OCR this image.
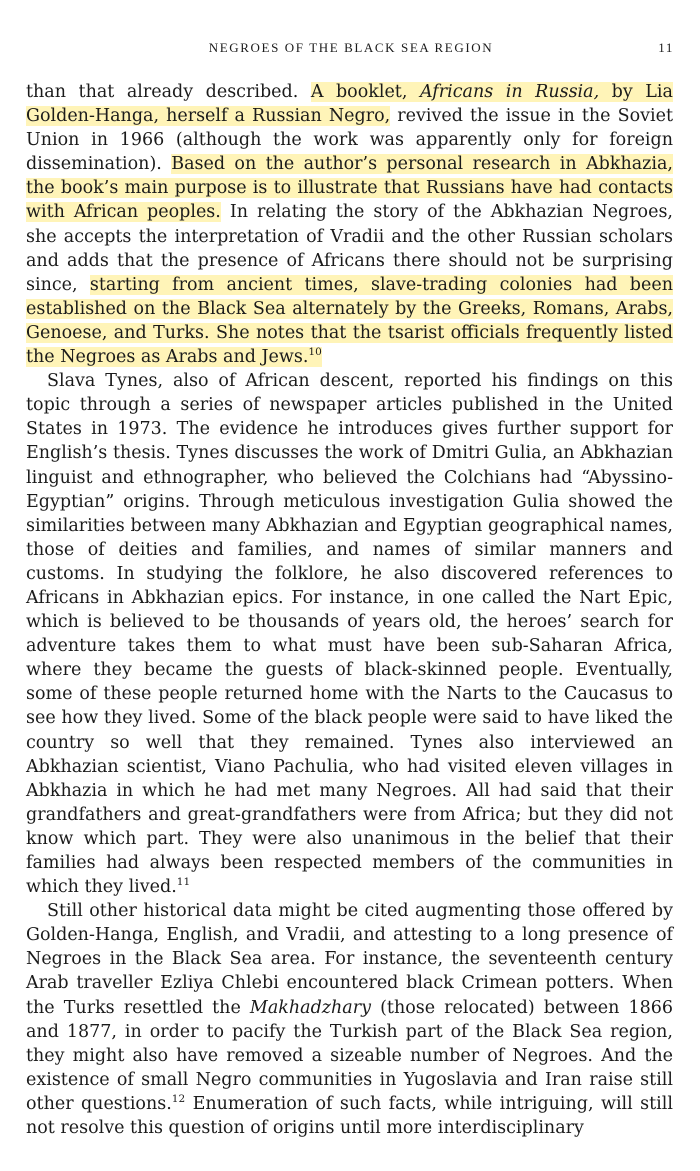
NEGROES OF THE BLACK SEA REGION	11

than that already described. A booklet, Africans in Russia, by Lia Golden-Hanga, herself a Russian Negro, revived the issue in the Soviet Union in 1966 (although the work was apparently only for foreign dissemination). Based on the author’s personal research in Abkhazia, the book’s main purpose is to illustrate that Russians have had contacts with African peoples. In relating the story of the Abkhazian Negroes, she accepts the interpretation of Vradii and the other Russian scholars and adds that the presence of Africans there should not be surprising since, starting from ancient times, slave-trading colonies had been established on the Black Sea alternately by the Greeks, Romans, Arabs, Genoese, and Turks. She notes that the tsarist officials frequently listed the Negroes as Arabs and Jews.$^{10}$

Slava Tynes, also of African descent, reported his findings on this topic through a series of newspaper articles published in the United States in 1973. The evidence he introduces gives further support for English’s thesis. Tynes discusses the work of Dmitri Gulia, an Abkhazian linguist and ethnographer, who believed the Colchians had “Abyssino-Egyptian” origins. Through meticulous investigation Gulia showed the similarities between many Abkhazian and Egyptian geographical names, those of deities and families, and names of similar manners and customs. In studying the folklore, he also discovered references to Africans in Abkhazian epics. For instance, in one called the Nart Epic, which is believed to be thousands of years old, the heroes’ search for adventure takes them to what must have been sub-Saharan Africa, where they became the guests of black-skinned people. Eventually, some of these people returned home with the Narts to the Caucasus to see how they lived. Some of the black people were said to have liked the country so well that they remained. Tynes also interviewed an Abkhazian scientist, Viano Pachulia, who had visited eleven villages in Abkhazia in which he had met many Negroes. All had said that their grandfathers and great-grandfathers were from Africa; but they did not know which part. They were also unanimous in the belief that their families had always been respected members of the communities in which they lived.$^{11}$

Still other historical data might be cited augmenting those offered by Golden-Hanga, English, and Vradii, and attesting to a long presence of Negroes in the Black Sea area. For instance, the seventeenth century Arab traveller Ezliya Chlebi encountered black Crimean potters. When the Turks resettled the Makhadzhary (those relocated) between 1866 and 1877, in order to pacify the Turkish part of the Black Sea region, they might also have removed a sizeable number of Negroes. And the existence of small Negro communities in Yugoslavia and Iran raise still other questions.$^{12}$ Enumeration of such facts, while intriguing, will still not resolve this question of origins until more interdisciplinary
